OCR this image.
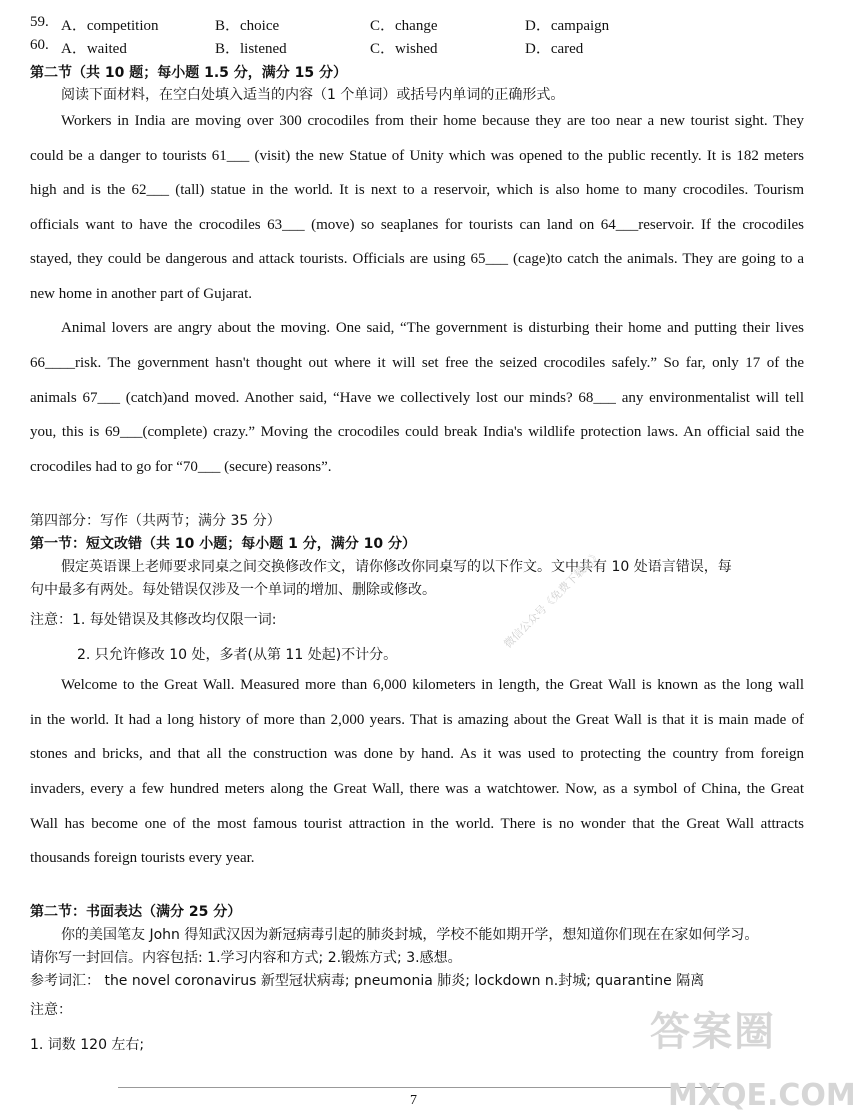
59. A．competition	B．choice	C．change	D．campaign
60. A．waited	B．listened	C．wished	D．cared
第二节（共 10 题；每小题 1.5 分，满分 15 分）
阅读下面材料，在空白处填入适当的内容（1 个单词）或括号内单词的正确形式。
Workers in India are moving over 300 crocodiles from their home because they are too near a new tourist sight. They
could be a danger to tourists 61___ (visit) the new Statue of Unity which was opened to the public recently. It is 182 meters
high and is the 62___ (tall) statue in the world. It is next to a reservoir, which is also home to many crocodiles. Tourism
officials want to have the crocodiles 63___ (move) so seaplanes for tourists can land on 64___reservoir. If the crocodiles
stayed, they could be dangerous and attack tourists. Officials are using 65___ (cage)to catch the animals. They are going to a
new home in another part of Gujarat.
Animal lovers are angry about the moving. One said, “The government is disturbing their home and putting their lives
66____risk. The government hasn't thought out where it will set free the seized crocodiles safely.” So far, only 17 of the
animals 67___ (catch)and moved. Another said, “Have we collectively lost our minds? 68___ any environmentalist will tell
you, this is 69___(complete) crazy.” Moving the crocodiles could break India's wildlife protection laws. An official said the
crocodiles had to go for “70___ (secure) reasons”.
第四部分：写作（共两节；满分 35 分）
第一节：短文改错（共 10 小题；每小题 1 分，满分 10 分）
假定英语课上老师要求同桌之间交换修改作文，请你修改你同桌写的以下作文。文中共有 10 处语言错误，每
句中最多有两处。每处错误仅涉及一个单词的增加、删除或修改。
注意：1. 每处错误及其修改均仅限一词:
2. 只允许修改 10 处，多者(从第 11 处起)不计分。
Welcome to the Great Wall. Measured more than 6,000 kilometers in length, the Great Wall is known as the long wall
in the world. It had a long history of more than 2,000 years. That is amazing about the Great Wall is that it is main made of
stones and bricks, and that all the construction was done by hand. As it was used to protecting the country from foreign
invaders, every a few hundred meters along the Great Wall, there was a watchtower. Now, as a symbol of China, the Great
Wall has become one of the most famous tourist attraction in the world. There is no wonder that the Great Wall attracts
thousands foreign tourists every year.
第二节：书面表达（满分 25 分）
你的美国笔友 John 得知武汉因为新冠病毒引起的肺炎封城，学校不能如期开学，想知道你们现在在家如何学习。
请你写一封回信。内容包括: 1.学习内容和方式; 2.锻炼方式; 3.感想。
参考词汇： the novel coronavirus 新型冠状病毒; pneumonia 肺炎; lockdown n.封城; quarantine 隔离
注意：
1. 词数 120 左右;
7
微信公众号《免费下载站》
答案圈
MXQE.COM
